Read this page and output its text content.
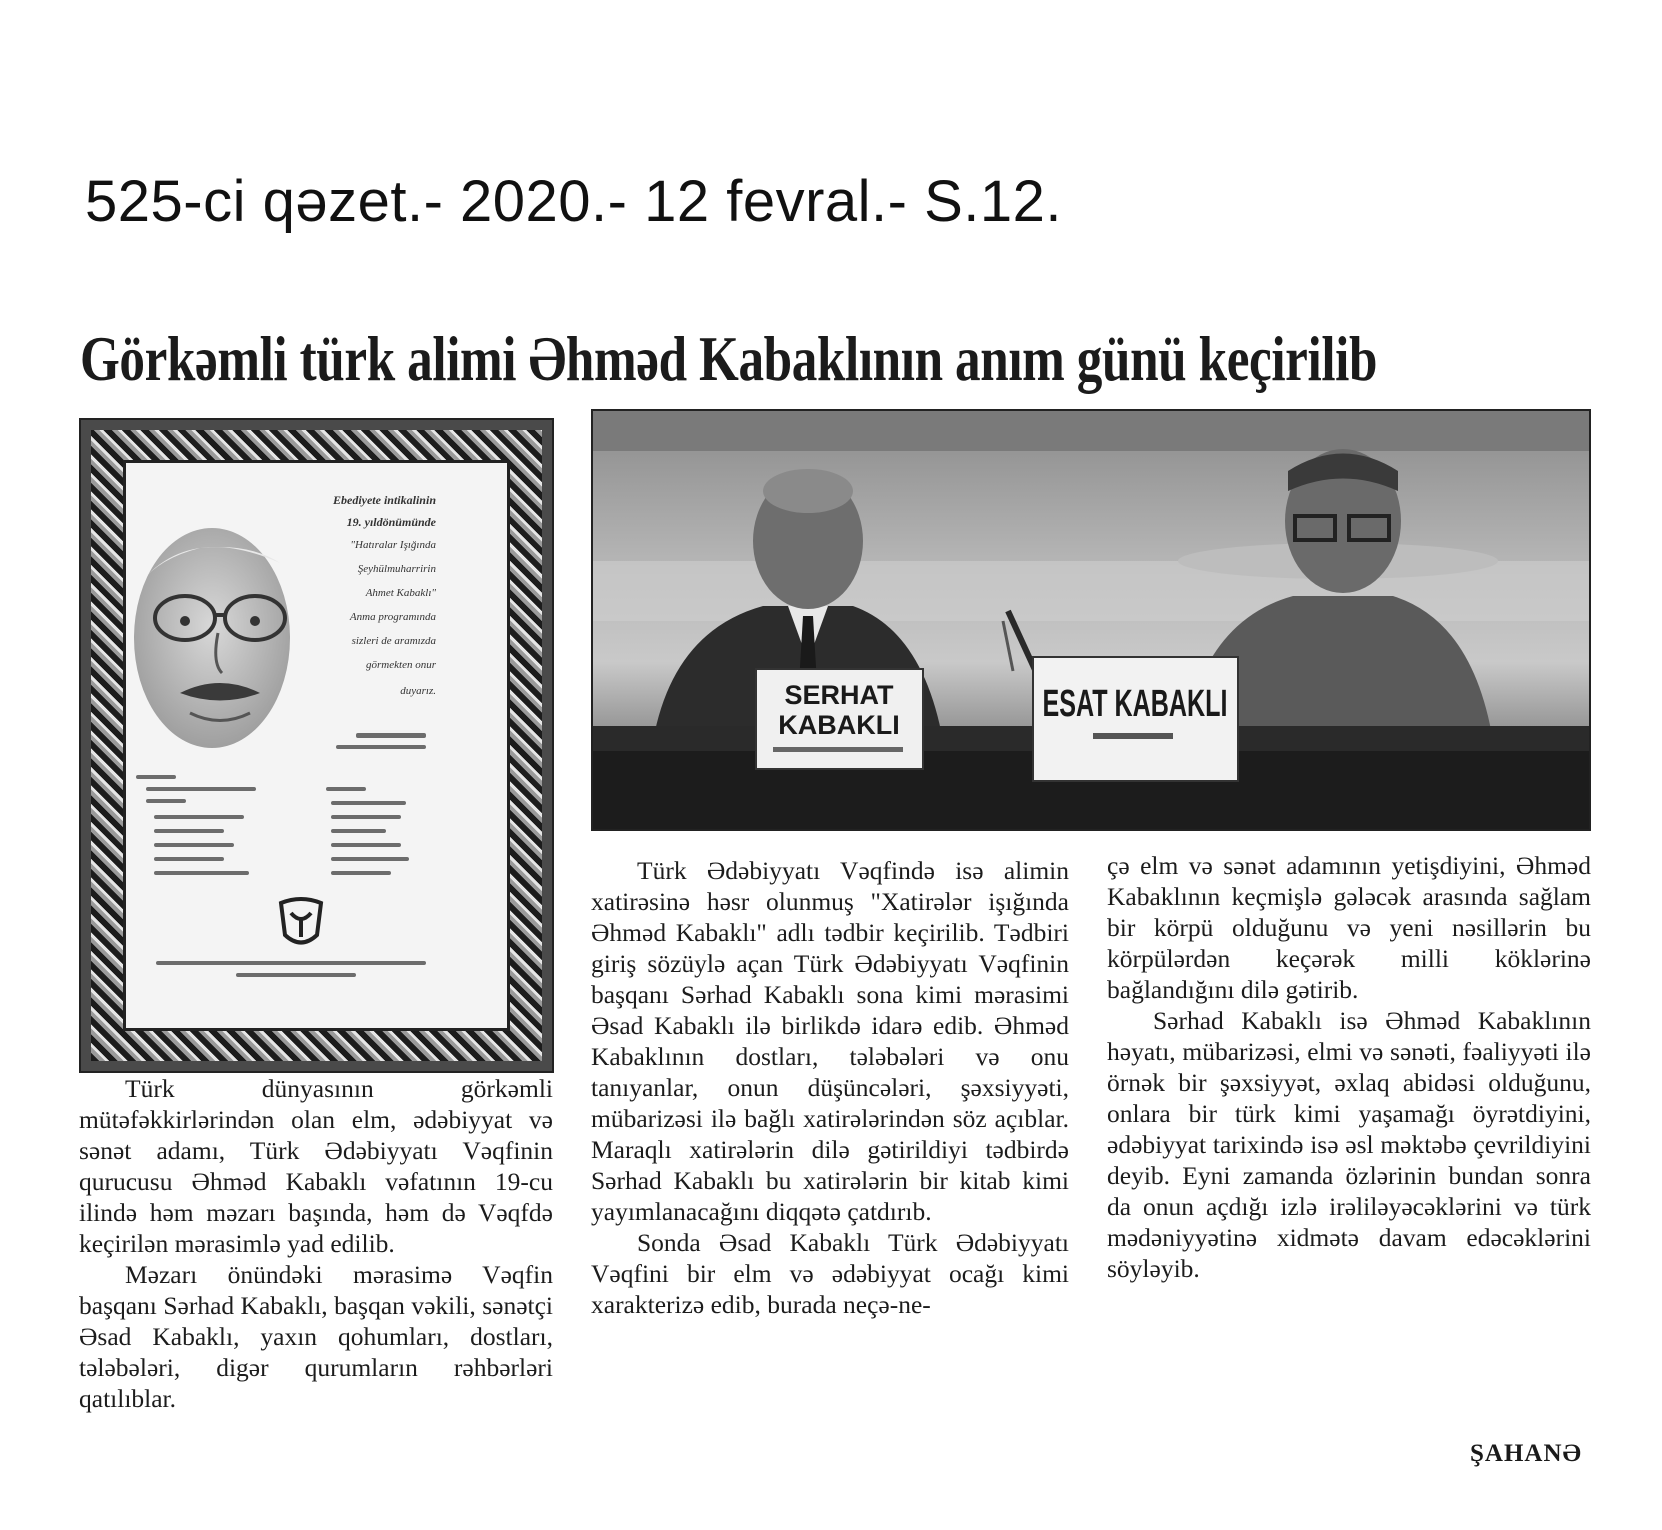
525-ci qəzet.- 2020.- 12 fevral.- S.12.
Görkəmli türk alimi Əhməd Kabaklının anım günü keçirilib
Ebediyete intikalinin
19. yıldönümünde
"Hatıralar Işığında
Şeyhülmuharririn
Ahmet Kabaklı"
Anma programında
sizleri de aramızda
görmekten onur
duyarız.	SERHAT
KABAKLI	ESAT KABAKLI

Türk dünyasının görkəmli mütəfəkkirlərindən olan elm, ədəbiyyat və sənət adamı, Türk Ədəbiyyatı Vəqfinin qurucusu Əhməd Kabaklı vəfatının 19-cu ilində həm məzarı başında, həm də Vəqfdə keçirilən mərasimlə yad edilib.

Məzarı önündəki mərasimə Vəqfin başqanı Sərhad Kabaklı, başqan vəkili, sənətçi Əsad Kabaklı, yaxın qohumları, dostları, tələbələri, digər qurumların rəhbərləri qatılıblar.

Türk Ədəbiyyatı Vəqfində isə alimin xatirəsinə həsr olunmuş "Xatirələr işığında Əhməd Kabaklı" adlı tədbir keçirilib. Tədbiri giriş sözüylə açan Türk Ədəbiyyatı Vəqfinin başqanı Sərhad Kabaklı sona kimi mərasimi Əsad Kabaklı ilə birlikdə idarə edib. Əhməd Kabaklının dostları, tələbələri və onu tanıyanlar, onun düşüncələri, şəxsiyyəti, mübarizəsi ilə bağlı xatirələrindən söz açıblar. Maraqlı xatirələrin dilə gətirildiyi tədbirdə Sərhad Kabaklı bu xatirələrin bir kitab kimi yayımlanacağını diqqətə çatdırıb.

Sonda Əsad Kabaklı Türk Ədəbiyyatı Vəqfini bir elm və ədəbiyyat ocağı kimi xarakterizə edib, burada neçə-ne-

çə elm və sənət adamının yetişdiyini, Əhməd Kabaklının keçmişlə gələcək arasında sağlam bir körpü olduğunu və yeni nəsillərin bu körpülərdən keçərək milli köklərinə bağlandığını dilə gətirib.

Sərhad Kabaklı isə Əhməd Kabaklının həyatı, mübarizəsi, elmi və sənəti, fəaliyyəti ilə örnək bir şəxsiyyət, əxlaq abidəsi olduğunu, onlara bir türk kimi yaşamağı öyrətdiyini, ədəbiyyat tarixində isə əsl məktəbə çevrildiyini deyib. Eyni zamanda özlərinin bundan sonra da onun açdığı izlə irəliləyəcəklərini və türk mədəniyyətinə xidmətə davam edəcəklərini söyləyib.

ŞAHANƏ
